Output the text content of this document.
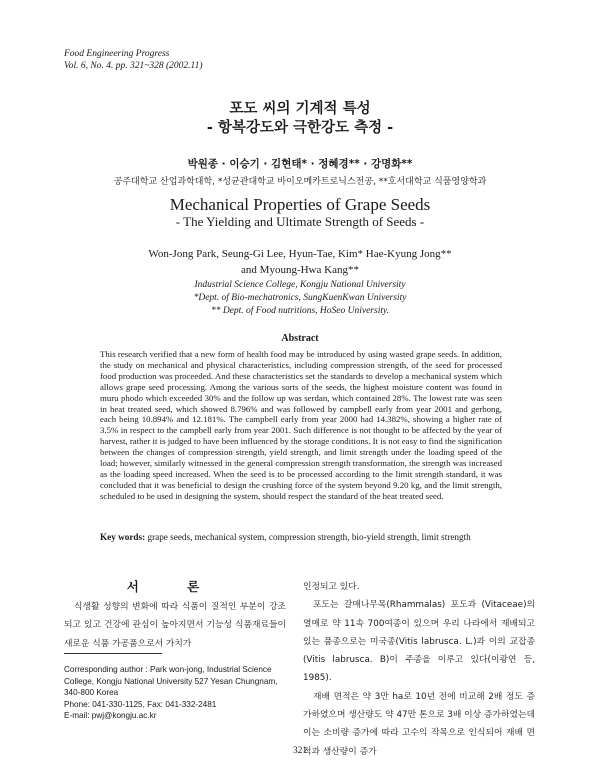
Food Engineering Progress
Vol. 6, No. 4. pp. 321~328 (2002.11)
포도 씨의 기계적 특성
- 항복강도와 극한강도 측정 -
박원종 · 이승기 · 김현태* · 정혜경** · 강명화**
공주대학교 산업과학대학, *성균관대학교 바이오메카트로닉스전공, **호서대학교 식품영양학과
Mechanical Properties of Grape Seeds
- The Yielding and Ultimate Strength of Seeds -
Won-Jong Park, Seung-Gi Lee, Hyun-Tae, Kim* Hae-Kyung Jong**
and Myoung-Hwa Kang**
Industrial Science College, Kongju National University
*Dept. of Bio-mechatronics, SungKuenKwan University
** Dept. of Food nutritions, HoSeo University.
Abstract
This research verified that a new form of health food may be introduced by using wasted grape seeds. In addition, the study on mechanical and physical characteristics, including compression strength, of the seed for processed food production was proceeded. And these characteristics set the standards to develop a mechanical system which allows grape seed processing. Among the various sorts of the seeds, the highest moisture content was found in muru phodo which exceeded 30% and the follow up was serdan, which contained 28%. The lowest rate was seen in heat treated seed, which showed 8.796% and was followed by campbell early from year 2001 and gerbong, each being 10.894% and 12.181%. The campbell early from year 2000 had 14.382%, showing a higher rate of 3.5% in respect to the campbell early from year 2001. Such difference is not thought to be affected by the year of harvest, rather it is judged to have been influenced by the storage conditions. It is not easy to find the signification between the changes of compression strength, yield strength, and limit strength under the loading speed of the load; however, similarly witnessed in the general compression strength transformation, the strength was increased as the loading speed increased. When the seed is to be processed according to the limit strength standard, it was concluded that it was beneficial to design the crushing force of the system beyond 9.20 kg, and the limit strength, scheduled to be used in designing the system, should respect the standard of the heat treated seed.
Key words: grape seeds, mechanical system, compression strength, bio-yield strength, limit strength
서 론
식생활 성향의 변화에 따라 식품이 질적인 부분이 강조되고 있고 건강에 관심이 높아지면서 기능성 식품재료들이 새로운 식품 가공품으로서 가치가
Corresponding author : Park won-jong, Industrial Science College, Kongju National University 527 Yesan Chungnam, 340-800 Korea
Phone: 041-330-1125, Fax: 041-332-2481
E-mail: pwj@kongju.ac.kr

인정되고 있다.

포도는 갈매나무목(Rhammalas) 포도과 (Vitaceae)의 열매로 약 11속 700여종이 있으며 우리 나라에서 재배되고 있는 품종으로는 미국종(Vitis labrusca. L.)과 이의 교잡종(Vitis labrusca. B)이 주종을 이루고 있다(이광연 등, 1985).

재배 면적은 약 3만 ha로 10년 전에 비교해 2배 정도 증가하였으며 생산량도 약 47만 톤으로 3배 이상 증가하였는데 이는 소비량 증가에 따라 고수익 작목으로 인식되어 재배 면적과 생산량이 증가

321
